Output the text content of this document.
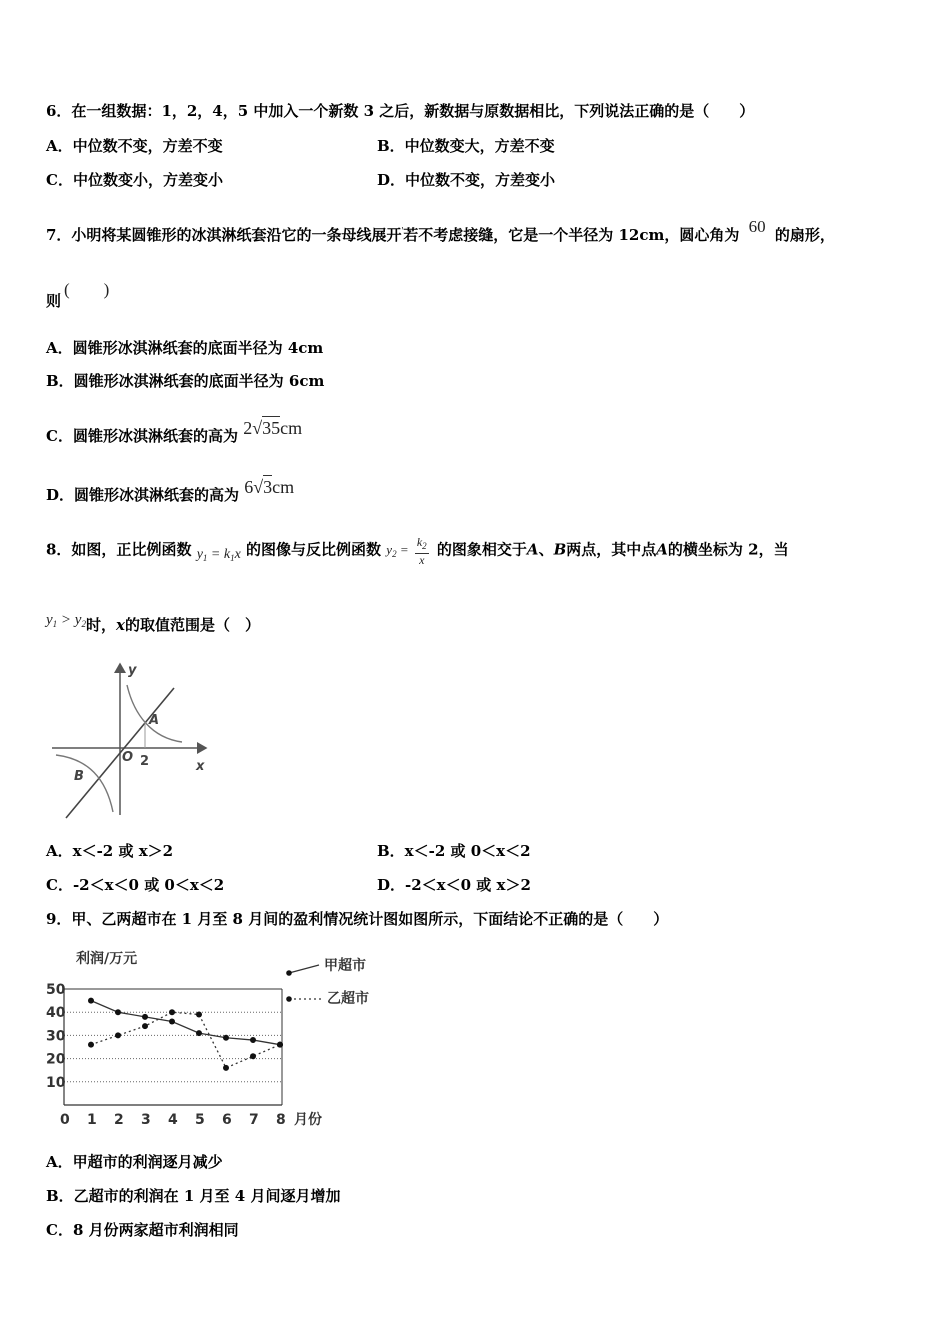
6．在一组数据：1，2，4，5 中加入一个新数 3 之后，新数据与原数据相比，下列说法正确的是（　　）
A．中位数不变，方差不变	B．中位数变大，方差不变
C．中位数变小，方差变小	D．中位数不变，方差变小
7．小明将某圆锥形的冰淇淋纸套沿它的一条母线展开'若不考虑接缝，它是一个半径为 12cm，圆心角为 60 的扇形，
则
(　　)
A．圆锥形冰淇淋纸套的底面半径为 4cm
B．圆锥形冰淇淋纸套的底面半径为 6cm
C．圆锥形冰淇淋纸套的高为 2√35cm
D．圆锥形冰淇淋纸套的高为 6√3cm
8．如图，正比例函数 $y_1 = k_1x$ 的图像与反比例函数 $y_2 = \frac{k_2}{x}$ 的图象相交于A、B两点，其中点A的横坐标为 2，当
$y_1 > y_2$时，x的取值范围是（　）
y
x
O 2
A
B
A．x＜-2 或 x＞2	B．x＜-2 或 0＜x＜2
C．-2＜x＜0 或 0＜x＜2	D．-2＜x＜0 或 x＞2
9．甲、乙两超市在 1 月至 8 月间的盈利情况统计图如图所示，下面结论不正确的是（　　）
利润/万元
月份
10
20
30
40
50
0 1 2 3 4 5 6 7 8
甲超市
乙超市
A．甲超市的利润逐月减少
B．乙超市的利润在 1 月至 4 月间逐月增加
C．8 月份两家超市利润相同
